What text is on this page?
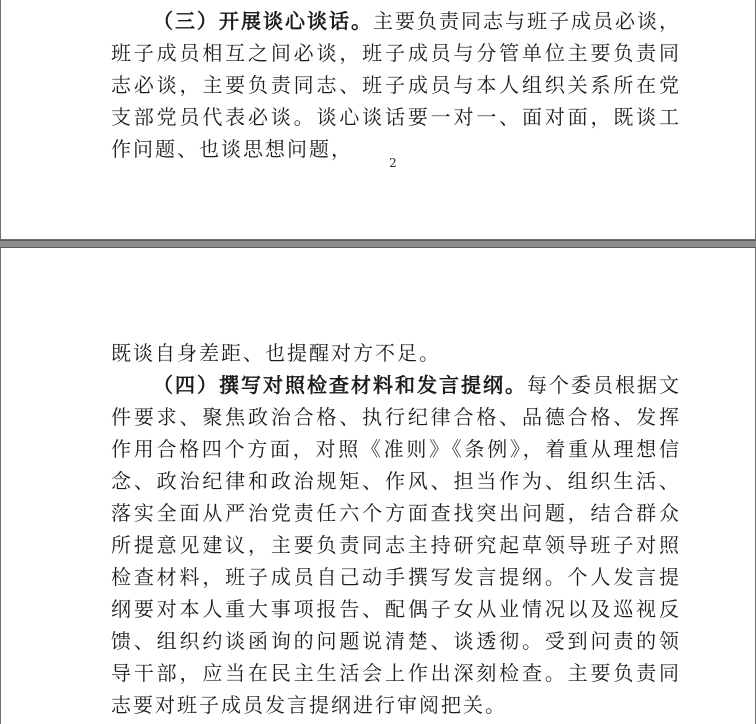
（三）开展谈心谈话。主要负责同志与班子成员必谈，班子成员相互之间必谈，班子成员与分管单位主要负责同志必谈，主要负责同志、班子成员与本人组织关系所在党支部党员代表必谈。谈心谈话要一对一、面对面，既谈工作问题、也谈思想问题，

2

既谈自身差距、也提醒对方不足。

（四）撰写对照检查材料和发言提纲。每个委员根据文件要求、聚焦政治合格、执行纪律合格、品德合格、发挥作用合格四个方面，对照《准则》《条例》，着重从理想信念、政治纪律和政治规矩、作风、担当作为、组织生活、落实全面从严治党责任六个方面查找突出问题，结合群众所提意见建议，主要负责同志主持研究起草领导班子对照检查材料，班子成员自己动手撰写发言提纲。个人发言提纲要对本人重大事项报告、配偶子女从业情况以及巡视反馈、组织约谈函询的问题说清楚、谈透彻。受到问责的领导干部，应当在民主生活会上作出深刻检查。主要负责同志要对班子成员发言提纲进行审阅把关。
